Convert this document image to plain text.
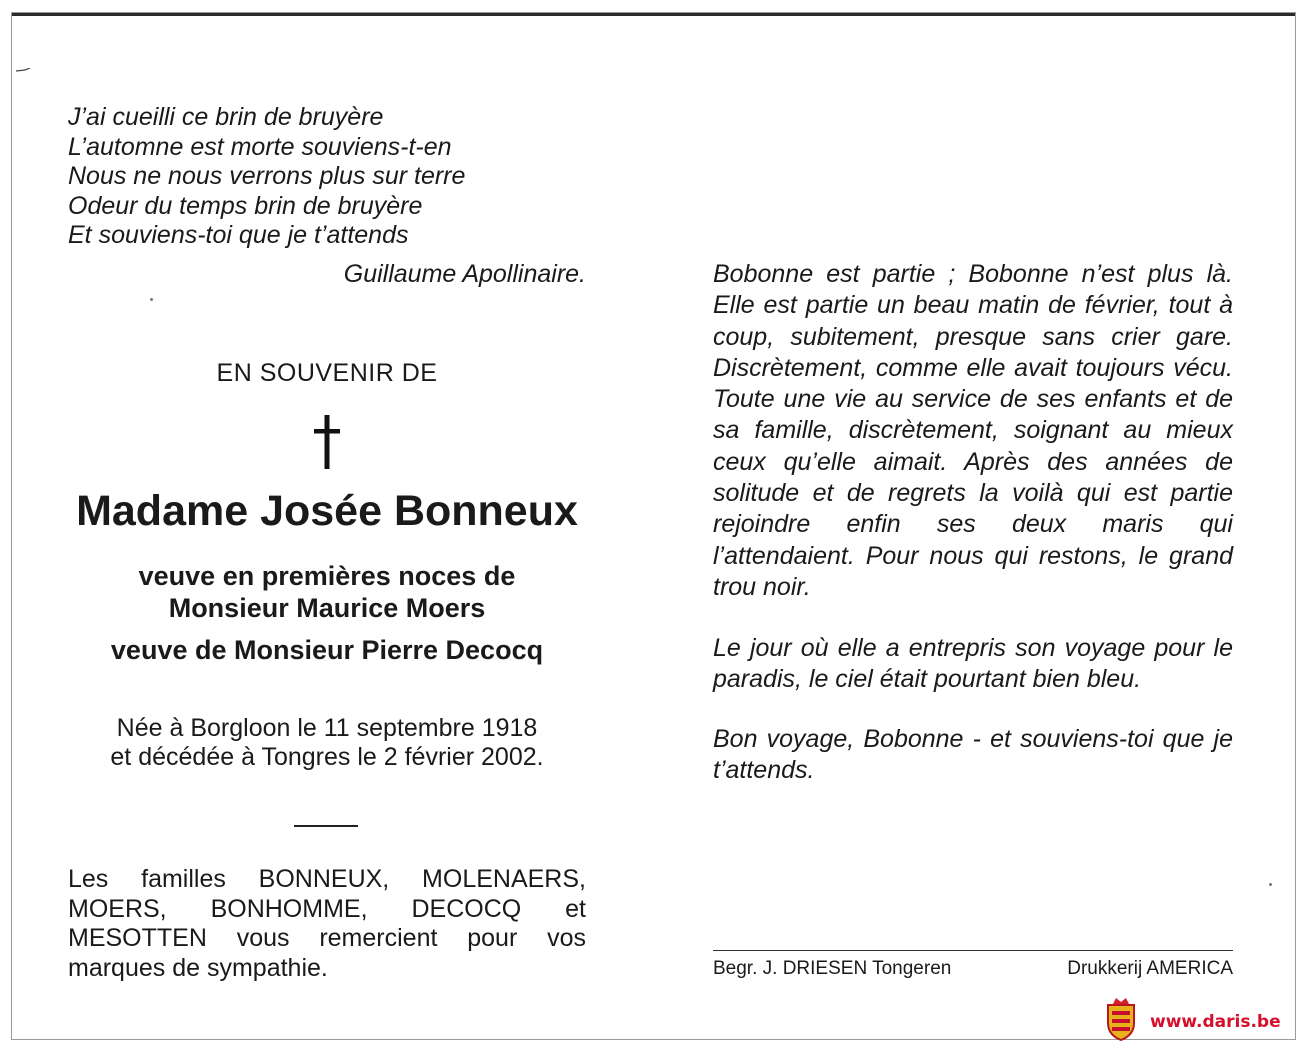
J’ai cueilli ce brin de bruyère
L’automne est morte souviens-t-en
Nous ne nous verrons plus sur terre
Odeur du temps brin de bruyère
Et souviens-toi que je t’attends
Guillaume Apollinaire.
EN SOUVENIR DE
Madame Josée Bonneux
veuve en premières noces de
Monsieur Maurice Moers
veuve de Monsieur Pierre Decocq
Née à Borgloon le 11 septembre 1918
et décédée à Tongres le 2 février 2002.
Les familles BONNEUX, MOLENAERS, MOERS, BONHOMME, DECOCQ et MESOTTEN vous remercient pour vos marques de sympathie.
Bobonne est partie ; Bobonne n’est plus là. Elle est partie un beau matin de février, tout à coup, subitement, presque sans crier gare. Discrètement, comme elle avait toujours vécu. Toute une vie au service de ses enfants et de sa famille, discrètement, soignant au mieux ceux qu’elle aimait. Après des années de solitude et de regrets la voilà qui est partie rejoindre enfin ses deux maris qui l’attendaient. Pour nous qui restons, le grand trou noir.
Le jour où elle a entrepris son voyage pour le paradis, le ciel était pourtant bien bleu.
Bon voyage, Bobonne - et souviens-toi que je t’attends.
Begr. J. DRIESEN Tongeren	Drukkerij AMERICA
www.daris.be
